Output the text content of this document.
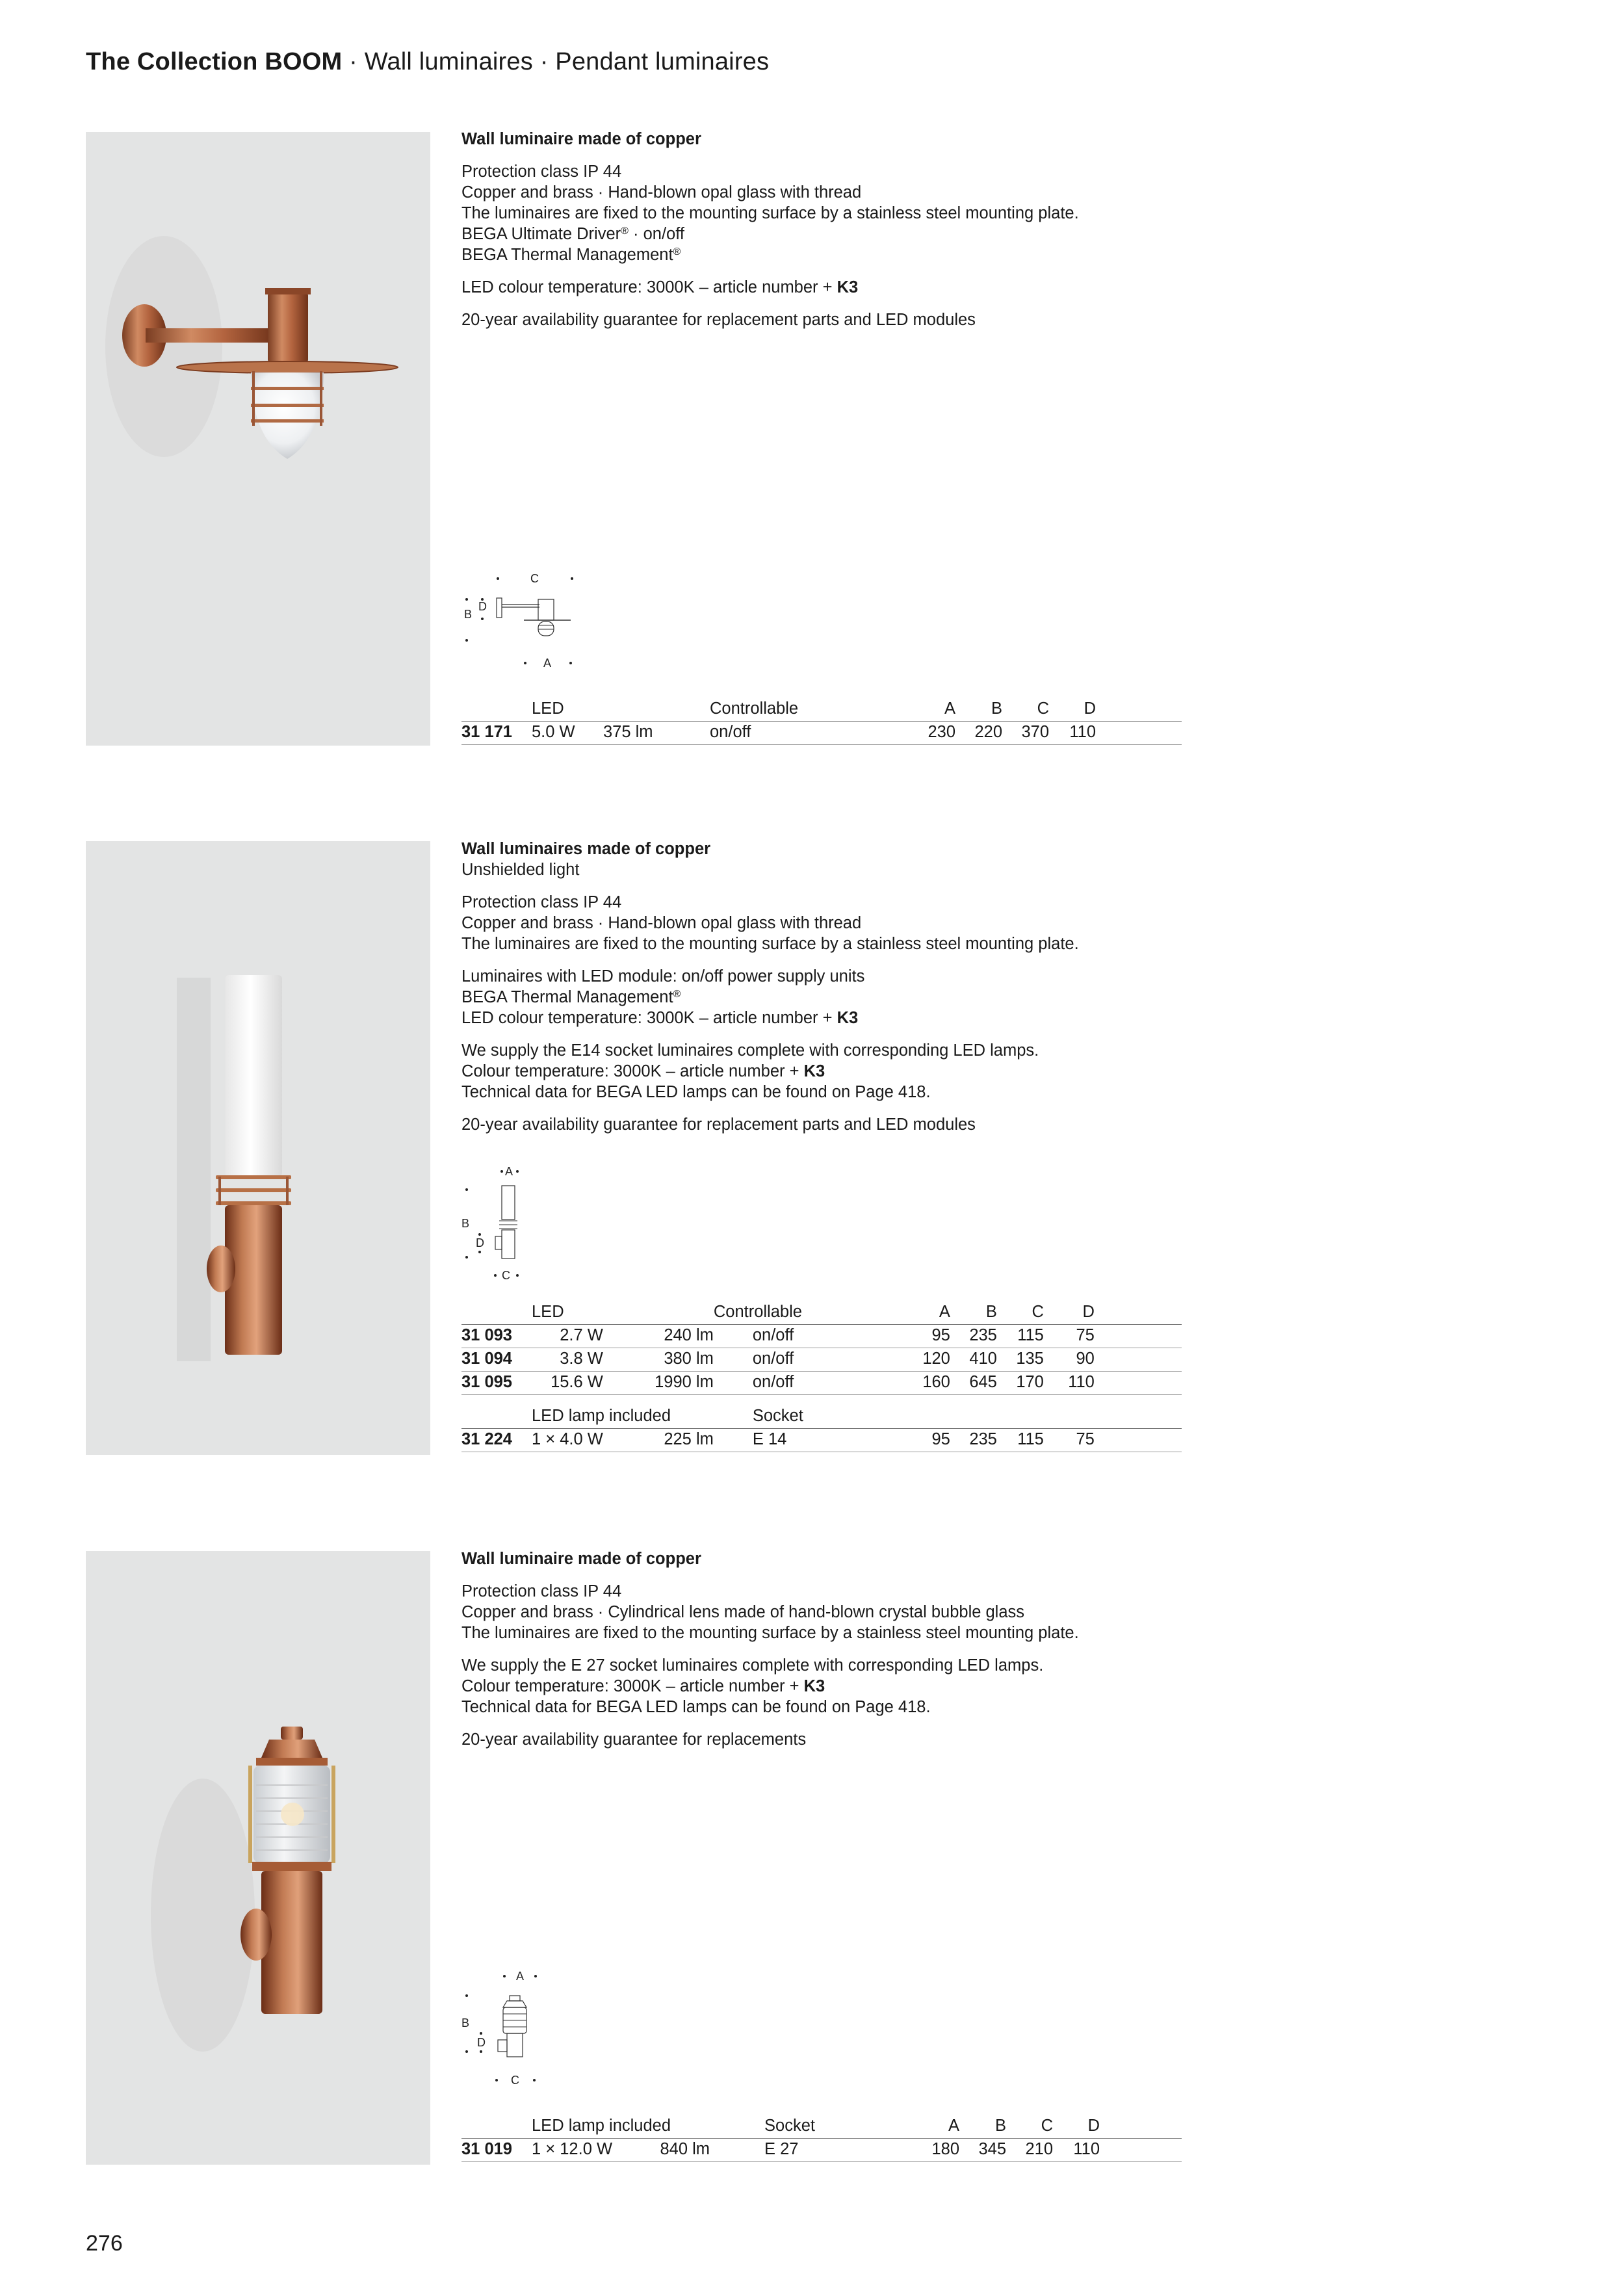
The Collection BOOM · Wall luminaires · Pendant luminaires

Wall luminaire made of copper

Protection class IP 44
Copper and brass · Hand-blown opal glass with thread
The luminaires are fixed to the mounting surface by a stainless steel mounting plate.
BEGA Ultimate Driver® · on/off
BEGA Thermal Management®

LED colour temperature: 3000K – article number + K3

20-year availability guarantee for replacement parts and LED modules

C
D
B
A
	LED		Controllable	A	B	C	D	
31 171	5.0 W	375 lm	on/off	230	220	370	110	

Wall luminaires made of copper
Unshielded light

Protection class IP 44
Copper and brass · Hand-blown opal glass with thread
The luminaires are fixed to the mounting surface by a stainless steel mounting plate.

Luminaires with LED module: on/off power supply units
BEGA Thermal Management®
LED colour temperature: 3000K – article number + K3

We supply the E14 socket luminaires complete with corresponding LED lamps.
Colour temperature: 3000K – article number + K3
Technical data for BEGA LED lamps can be found on Page 418.

20-year availability guarantee for replacement parts and LED modules

A
B
D
C
	LED		Controllable	A	B	C	D	
31 093	2.7 W	240 lm	on/off	95	235	115	75	
31 094	3.8 W	380 lm	on/off	120	410	135	90	
31 095	15.6 W	1990 lm	on/off	160	645	170	110	

	LED lamp included		Socket					
31 224	1 × 4.0 W	225 lm	E 14	95	235	115	75	

Wall luminaire made of copper

Protection class IP 44
Copper and brass · Cylindrical lens made of hand-blown crystal bubble glass
The luminaires are fixed to the mounting surface by a stainless steel mounting plate.

We supply the E 27 socket luminaires complete with corresponding LED lamps.
Colour temperature: 3000K – article number + K3
Technical data for BEGA LED lamps can be found on Page 418.

20-year availability guarantee for replacements

A
B
D
C
	LED lamp included		Socket	A	B	C	D	
31 019	1 × 12.0 W	840 lm	E 27	180	345	210	110	
276
